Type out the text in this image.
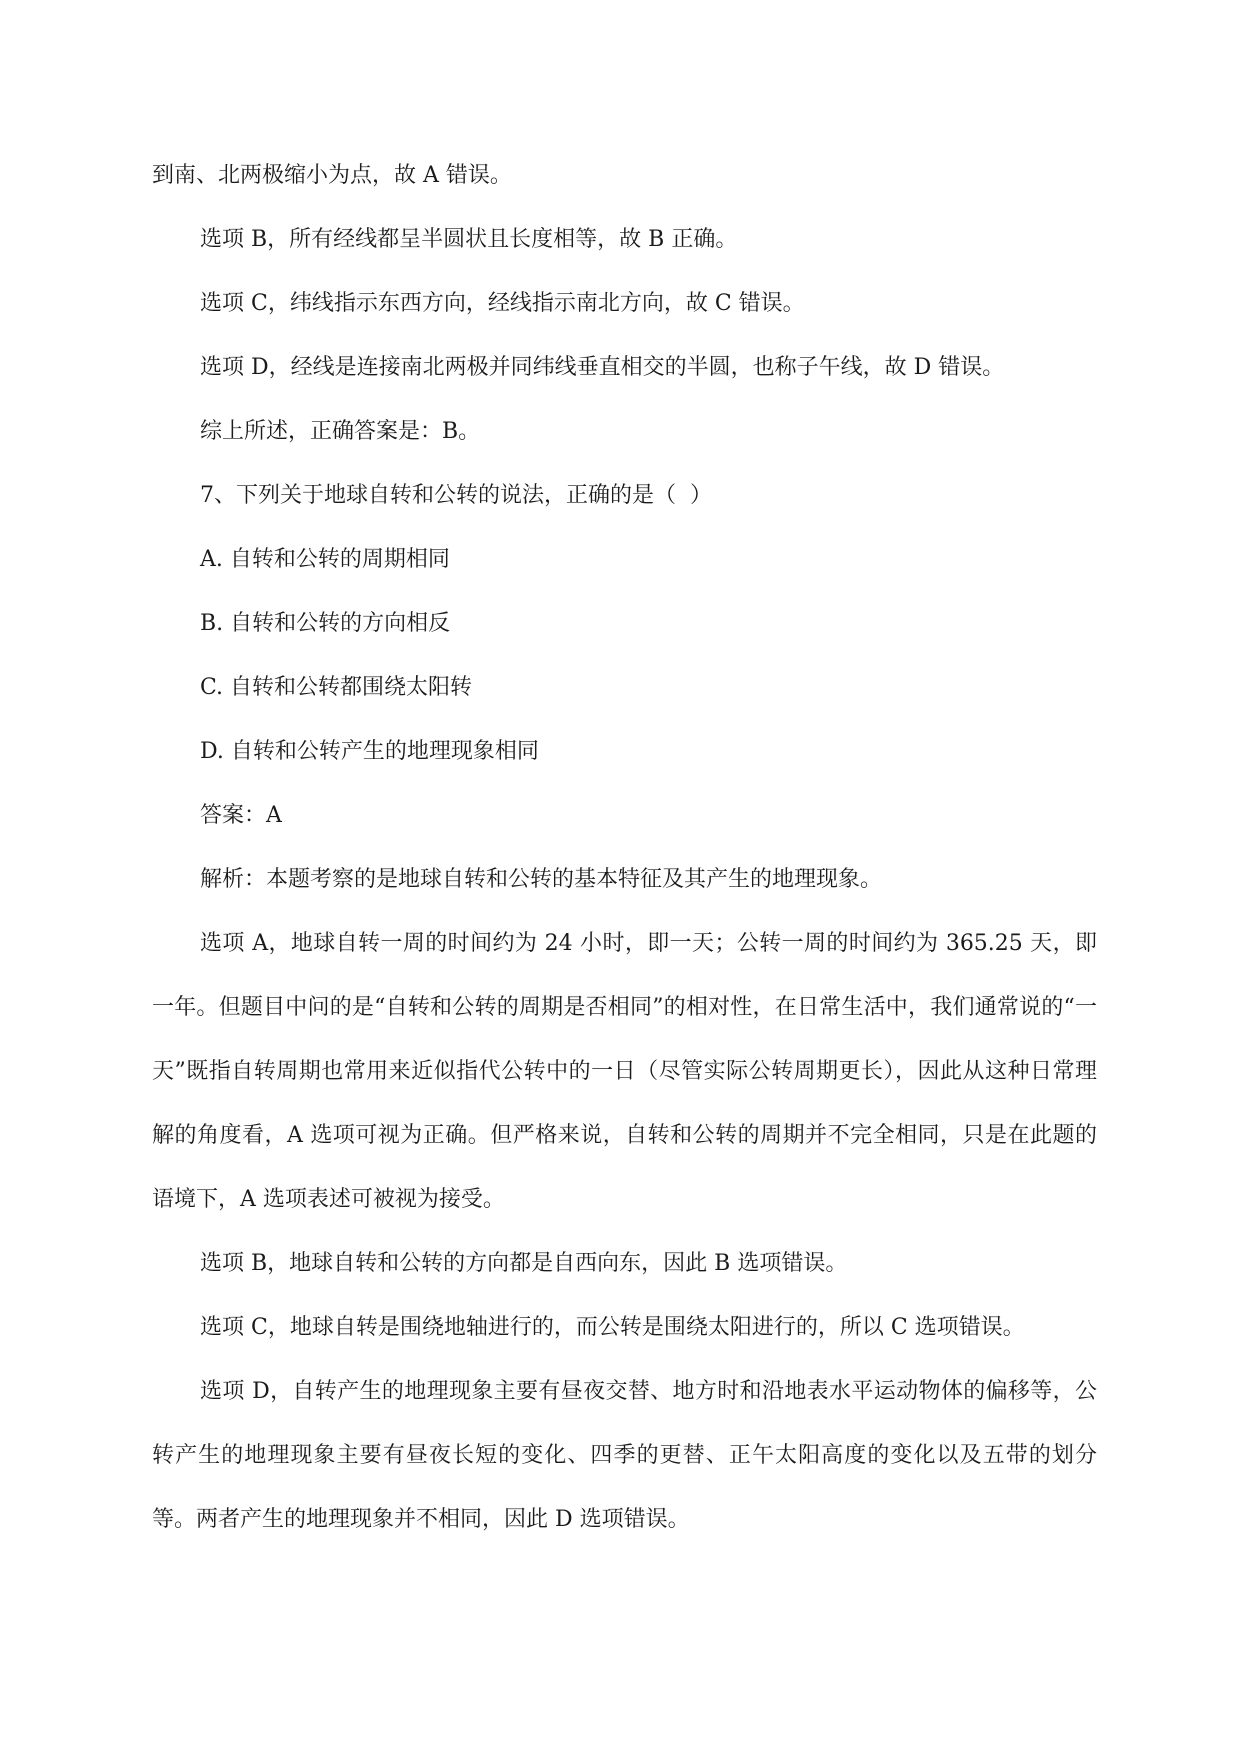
到南、北两极缩小为点，故 A 错误。

选项 B，所有经线都呈半圆状且长度相等，故 B 正确。

选项 C，纬线指示东西方向，经线指示南北方向，故 C 错误。

选项 D，经线是连接南北两极并同纬线垂直相交的半圆，也称子午线，故 D 错误。

综上所述，正确答案是：B。

7、下列关于地球自转和公转的说法，正确的是（  ）

A. 自转和公转的周期相同

B. 自转和公转的方向相反

C. 自转和公转都围绕太阳转

D. 自转和公转产生的地理现象相同

答案：A

解析：本题考察的是地球自转和公转的基本特征及其产生的地理现象。

选项 A，地球自转一周的时间约为 24 小时，即一天；公转一周的时间约为 365.25 天，即一年。但题目中问的是“自转和公转的周期是否相同”的相对性，在日常生活中，我们通常说的“一天”既指自转周期也常用来近似指代公转中的一日（尽管实际公转周期更长），因此从这种日常理解的角度看，A 选项可视为正确。但严格来说，自转和公转的周期并不完全相同，只是在此题的语境下，A 选项表述可被视为接受。

选项 B，地球自转和公转的方向都是自西向东，因此 B 选项错误。

选项 C，地球自转是围绕地轴进行的，而公转是围绕太阳进行的，所以 C 选项错误。

选项 D，自转产生的地理现象主要有昼夜交替、地方时和沿地表水平运动物体的偏移等，公转产生的地理现象主要有昼夜长短的变化、四季的更替、正午太阳高度的变化以及五带的划分等。两者产生的地理现象并不相同，因此 D 选项错误。
